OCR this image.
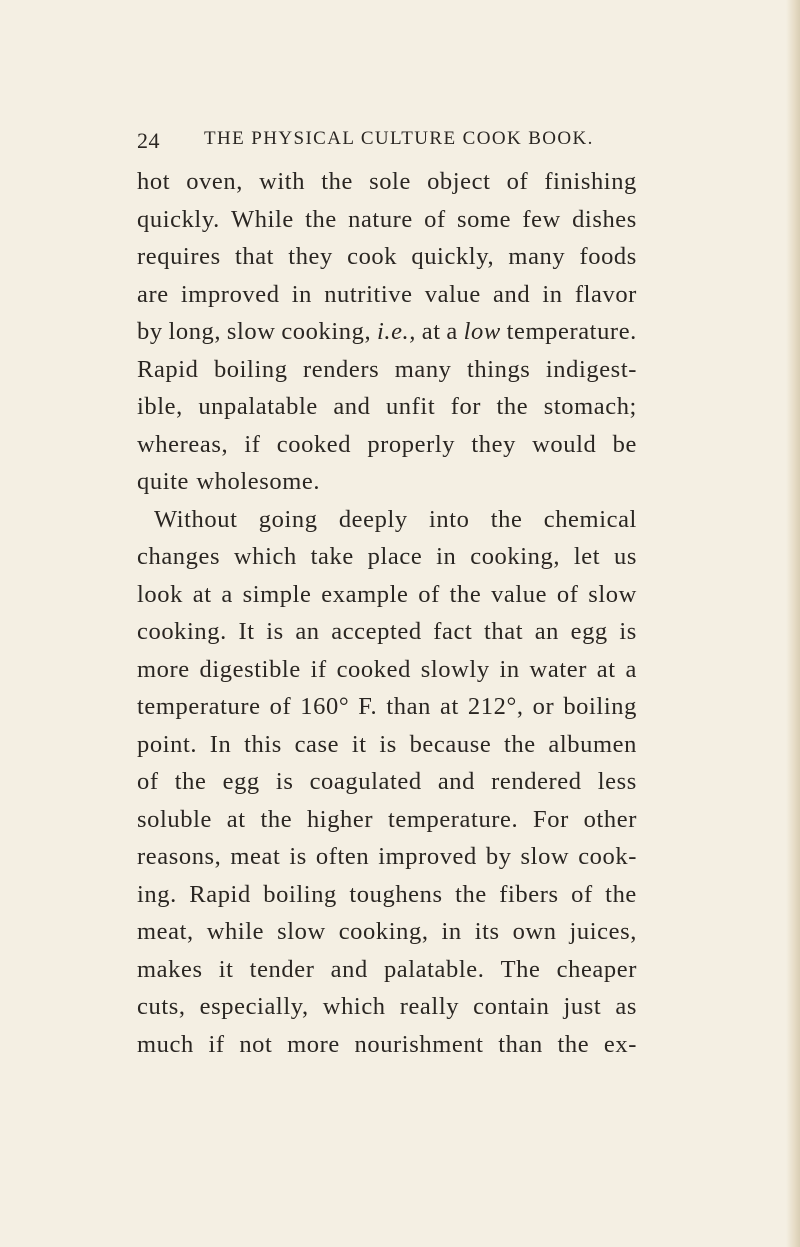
24 THE PHYSICAL CULTURE COOK BOOK.
hot oven, with the sole object of finishing
quickly. While the nature of some few dishes
requires that they cook quickly, many foods
are improved in nutritive value and in flavor
by long, slow cooking, i.e., at a low temperature.
Rapid boiling renders many things indigest-
ible, unpalatable and unfit for the stomach;
whereas, if cooked properly they would be
quite wholesome.
Without going deeply into the chemical
changes which take place in cooking, let us
look at a simple example of the value of slow
cooking. It is an accepted fact that an egg is
more digestible if cooked slowly in water at a
temperature of 160° F. than at 212°, or boiling
point. In this case it is because the albumen
of the egg is coagulated and rendered less
soluble at the higher temperature. For other
reasons, meat is often improved by slow cook-
ing. Rapid boiling toughens the fibers of the
meat, while slow cooking, in its own juices,
makes it tender and palatable. The cheaper
cuts, especially, which really contain just as
much if not more nourishment than the ex-
